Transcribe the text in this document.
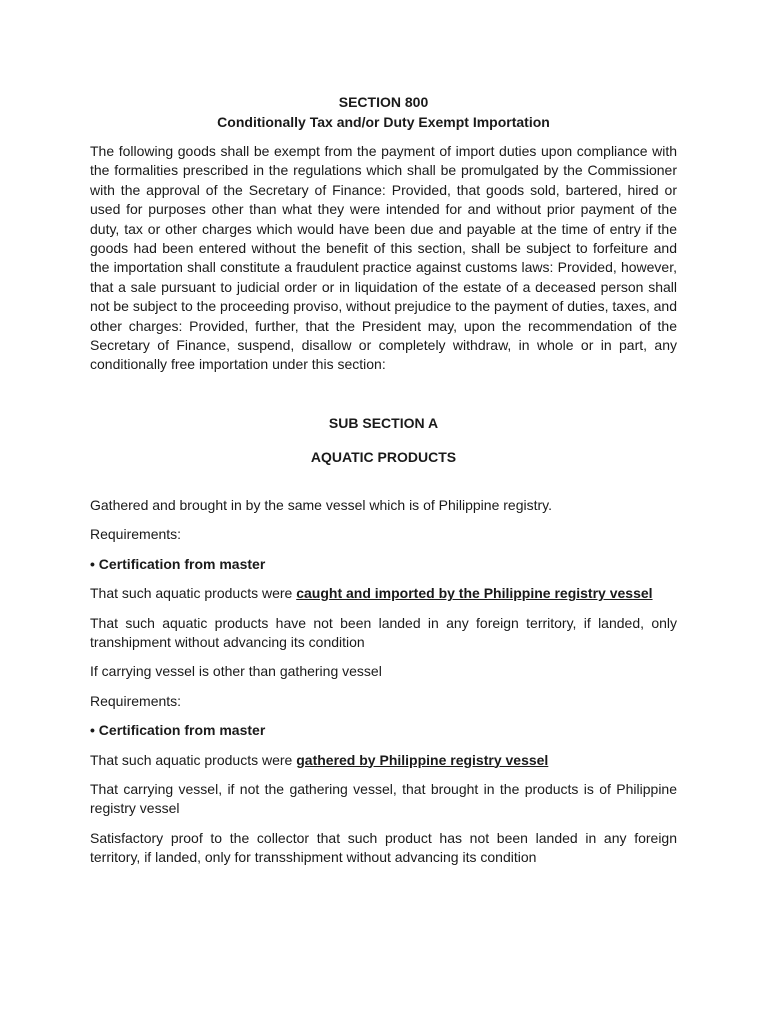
SECTION 800

Conditionally Tax and/or Duty Exempt Importation

The following goods shall be exempt from the payment of import duties upon compliance with the formalities prescribed in the regulations which shall be promulgated by the Commissioner with the approval of the Secretary of Finance: Provided, that goods sold, bartered, hired or used for purposes other than what they were intended for and without prior payment of the duty, tax or other charges which would have been due and payable at the time of entry if the goods had been entered without the benefit of this section, shall be subject to forfeiture and the importation shall constitute a fraudulent practice against customs laws: Provided, however, that a sale pursuant to judicial order or in liquidation of the estate of a deceased person shall not be subject to the proceeding proviso, without prejudice to the payment of duties, taxes, and other charges: Provided, further, that the President may, upon the recommendation of the Secretary of Finance, suspend, disallow or completely withdraw, in whole or in part, any conditionally free importation under this section:

SUB SECTION A

AQUATIC PRODUCTS

Gathered and brought in by the same vessel which is of Philippine registry.

Requirements:

• Certification from master

That such aquatic products were caught and imported by the Philippine registry vessel

That such aquatic products have not been landed in any foreign territory, if landed, only transhipment without advancing its condition

If carrying vessel is other than gathering vessel

Requirements:

• Certification from master

That such aquatic products were gathered by Philippine registry vessel

That carrying vessel, if not the gathering vessel, that brought in the products is of Philippine registry vessel

Satisfactory proof to the collector that such product has not been landed in any foreign territory, if landed, only for transshipment without advancing its condition
